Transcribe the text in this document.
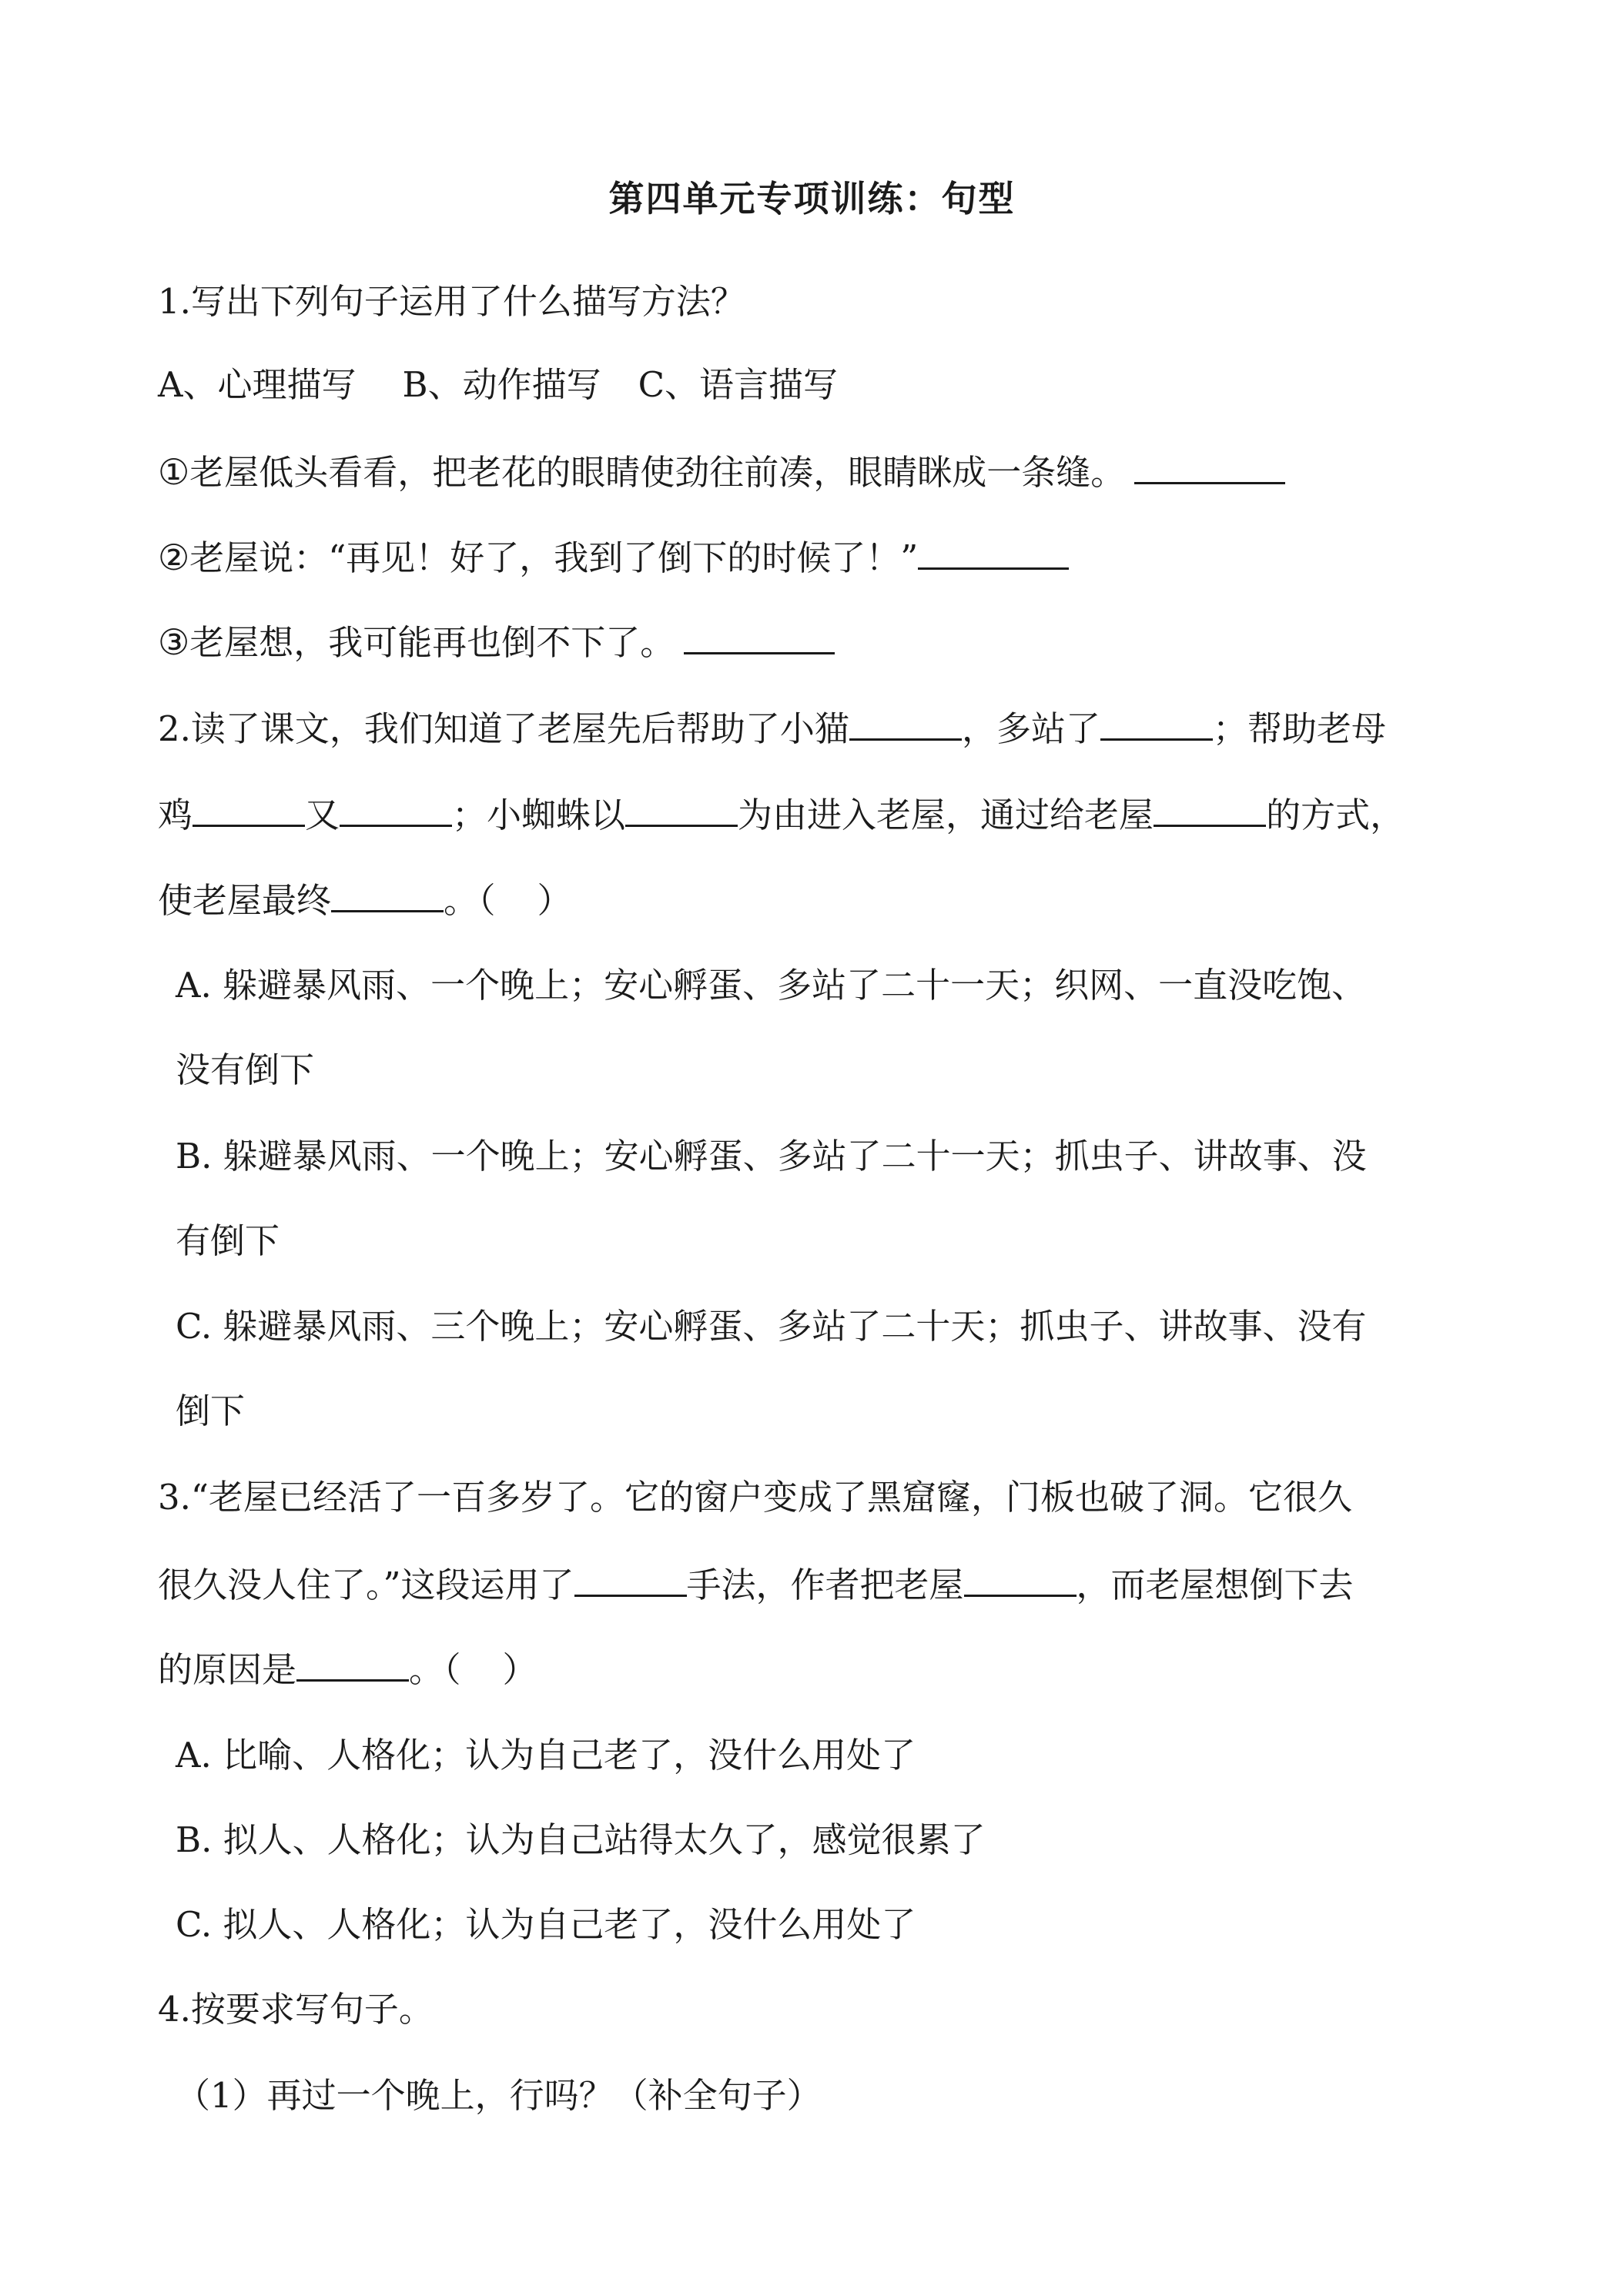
第四单元专项训练：句型
1.写出下列句子运用了什么描写方法？
A、心理描写 B、动作描写 C、语言描写
①老屋低头看看，把老花的眼睛使劲往前凑，眼睛眯成一条缝。
②老屋说：“再见！好了，我到了倒下的时候了！”
③老屋想，我可能再也倒不下了。
2.读了课文，我们知道了老屋先后帮助了小猫	，多站了	；帮助老母
鸡	又	；小蜘蛛以	为由进入老屋，通过给老屋	的方式，
使老屋最终	。（ ）
A. 躲避暴风雨、一个晚上；安心孵蛋、多站了二十一天；织网、一直没吃饱、
没有倒下
B. 躲避暴风雨、一个晚上；安心孵蛋、多站了二十一天；抓虫子、讲故事、没
有倒下
C. 躲避暴风雨、三个晚上；安心孵蛋、多站了二十天；抓虫子、讲故事、没有
倒下
3.“老屋已经活了一百多岁了。它的窗户变成了黑窟窿，门板也破了洞。它很久
很久没人住了。”这段运用了	手法，作者把老屋	，而老屋想倒下去
的原因是	。（ ）
A. 比喻、人格化；认为自己老了，没什么用处了
B. 拟人、人格化；认为自己站得太久了，感觉很累了
C. 拟人、人格化；认为自己老了，没什么用处了
4.按要求写句子。
（1）再过一个晚上，行吗？（补全句子）
